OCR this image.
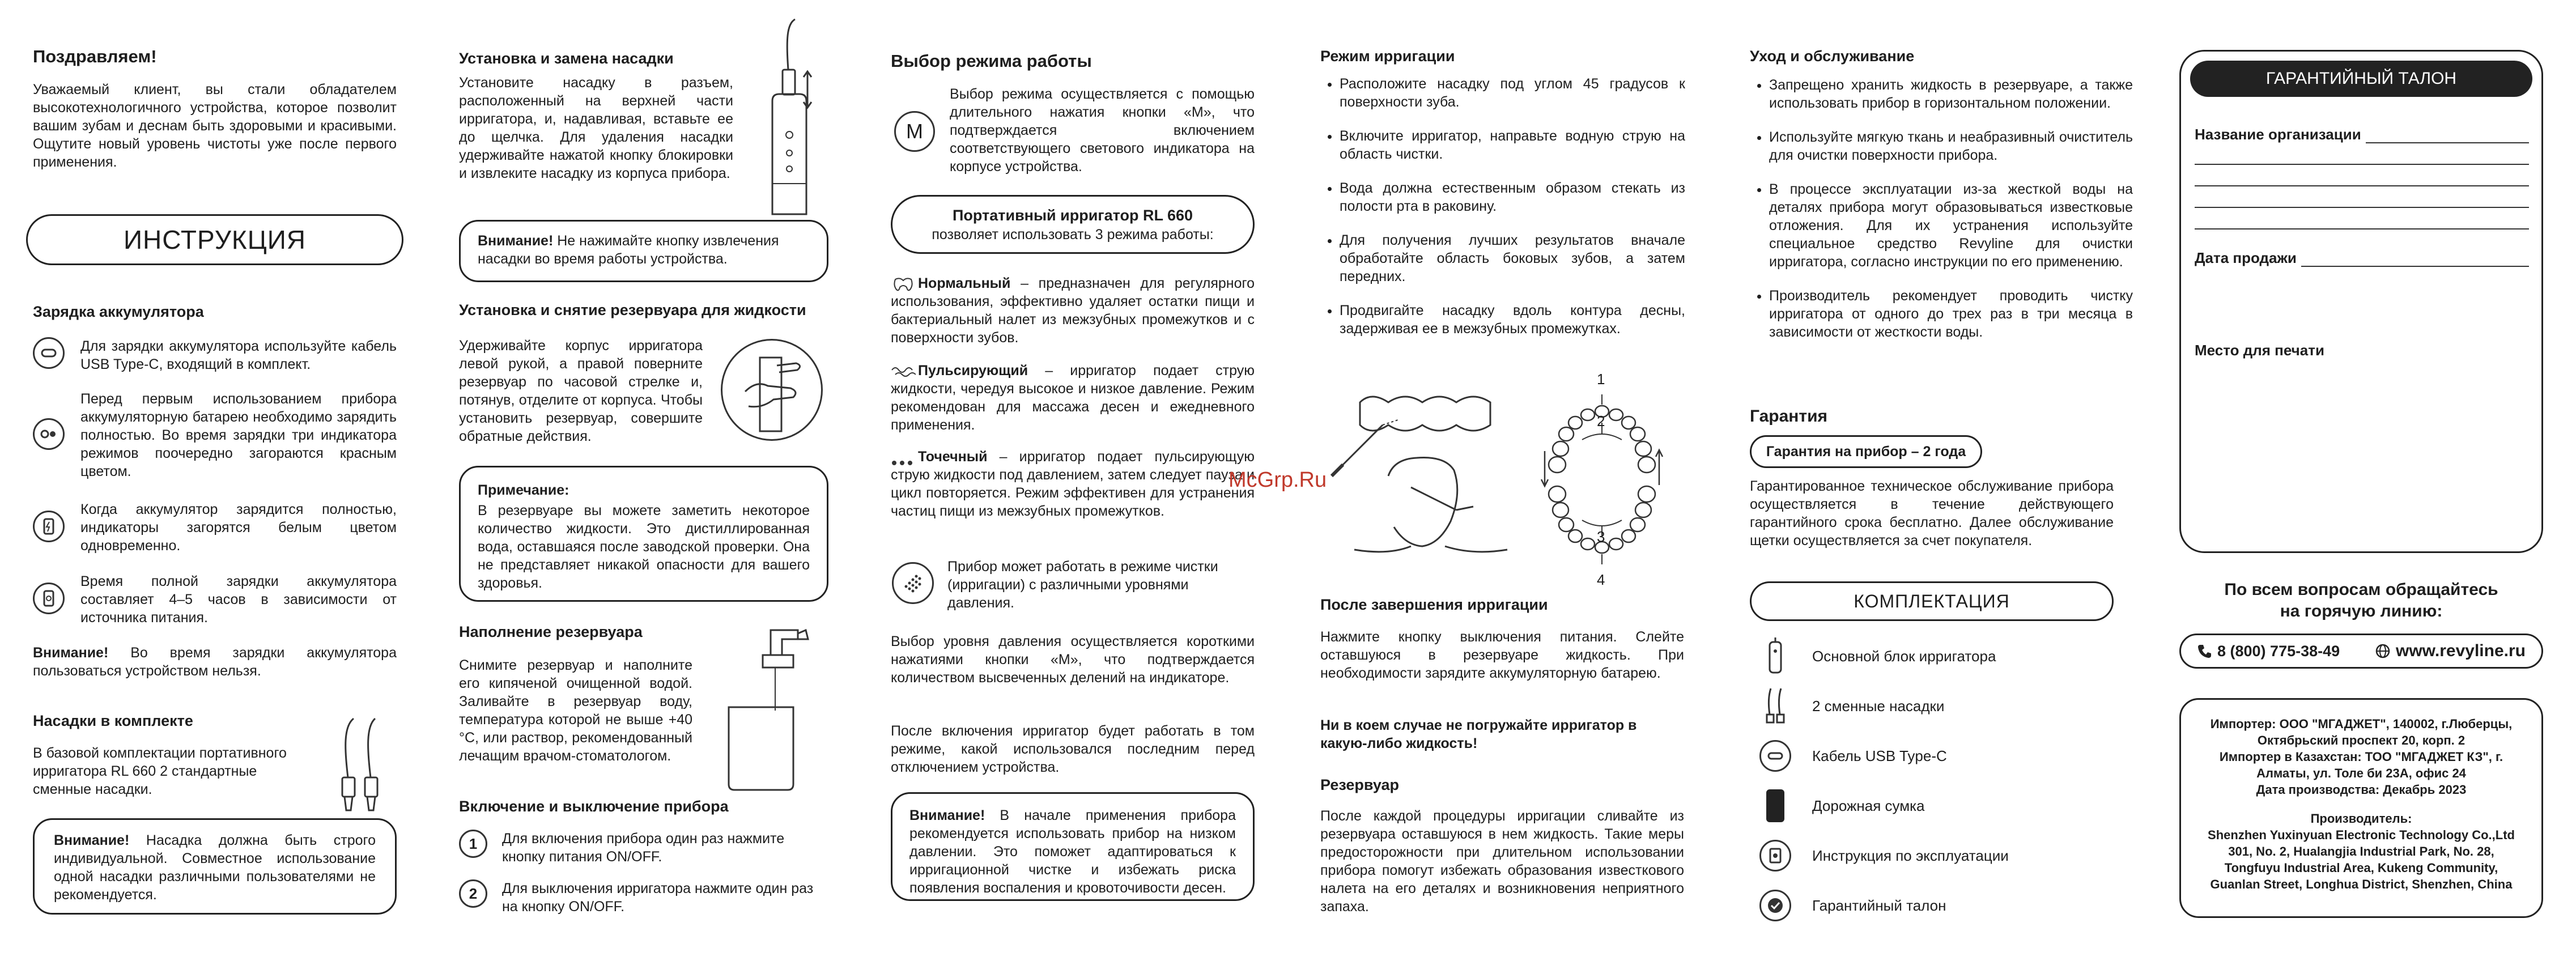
Поздравляем!

Уважаемый клиент, вы стали обладателем высокотехнологичного устройства, которое позволит вашим зубам и деснам быть здоровыми и красивыми. Ощутите новый уровень чистоты уже после первого применения.

ИНСТРУКЦИЯ
Зарядка аккумулятора

Для зарядки аккумулятора используйте кабель USB Type-C, входящий в комплект.

Перед первым использованием прибора аккумуляторную батарею необходимо зарядить полностью. Во время зарядки три индикатора режимов поочередно загораются красным цветом.

Когда аккумулятор зарядится полностью, индикаторы загорятся белым цветом одновременно.

Время полной зарядки аккумулятора составляет 4–5 часов в зависимости от источника питания.

Внимание! Во время зарядки аккумулятора пользоваться устройством нельзя.

Насадки в комплекте

В базовой комплектации портативного ирригатора RL 660 2 стандартные сменные насадки.

Внимание! Насадка должна быть строго индивидуальной. Совместное использование одной насадки различными пользователями не рекомендуется.

Установка и замена насадки

Установите насадку в разъем, расположенный на верхней части ирригатора, и, надавливая, вставьте ее до щелчка. Для удаления насадки удерживайте нажатой кнопку блокировки и извлеките насадку из корпуса прибора.

Внимание! Не нажимайте кнопку извлечения насадки во время работы устройства.

Установка и снятие резервуара для жидкости

Удерживайте корпус ирригатора левой рукой, а правой поверните резервуар по часовой стрелке и, потянув, отделите от корпуса. Чтобы установить резервуар, совершите обратные действия.

Примечание:

В резервуаре вы можете заметить некоторое количество жидкости. Это дистиллированная вода, оставшаяся после заводской проверки. Она не представляет никакой опасности для вашего здоровья.

Наполнение резервуара

Снимите резервуар и наполните его кипяченой очищенной водой. Заливайте в резервуар воду, температура которой не выше +40 °С, или раствор, рекомендованный лечащим врачом-стоматологом.

Включение и выключение прибора
1	Для включения прибора один раз нажмите кнопку питания ON/OFF.

2	Для выключения ирригатора нажмите один раз на кнопку ON/OFF.

Выбор режима работы
M

Выбор режима осуществляется с помощью длительного нажатия кнопки «М», что подтверждается включением соответствующего светового индикатора на корпусе устройства.

Портативный ирригатор RL 660
позволяет использовать 3 режима работы:

Нормальный – предназначен для регулярного использования, эффективно удаляет остатки пищи и бактериальный налет из межзубных промежутков и с поверхности зубов.

Пульсирующий – ирригатор подает струю жидкости, чередуя высокое и низкое давление. Режим рекомендован для массажа десен и ежедневного применения.

Точечный – ирригатор подает пульсирующую струю жидкости под давлением, затем следует пауза и цикл повторяется. Режим эффективен для устранения частиц пищи из межзубных промежутков.

Прибор может работать в режиме чистки (ирригации) с различными уровнями давления.

Выбор уровня давления осуществляется короткими нажатиями кнопки «М», что подтверждается количеством высвеченных делений на индикаторе.

После включения ирригатор будет работать в том режиме, какой использовался последним перед отключением устройства.

Внимание! В начале применения прибора рекомендуется использовать прибор на низком давлении. Это поможет адаптироваться к ирригационной чистке и избежать риска появления воспаления и кровоточивости десен.

McGrp.Ru
Режим ирригации
• Расположите насадку под углом 45 градусов к поверхности зуба.
• Включите ирригатор, направьте водную струю на область чистки.
• Вода должна естественным образом стекать из полости рта в раковину.
• Для получения лучших результатов вначале обработайте область боковых зубов, а затем передних.
• Продвигайте насадку вдоль контура десны, задерживая ее в межзубных промежутках.
1
2
3
4
После завершения ирригации

Нажмите кнопку выключения питания. Слейте оставшуюся в резервуаре жидкость. При необходимости зарядите аккумуляторную батарею.

Ни в коем случае не погружайте ирригатор в какую-либо жидкость!

Резервуар

После каждой процедуры ирригации сливайте из резервуара оставшуюся в нем жидкость. Такие меры предосторожности при длительном использовании прибора помогут избежать образования известкового налета на его деталях и возникновения неприятного запаха.

Уход и обслуживание
• Запрещено хранить жидкость в резервуаре, а также использовать прибор в горизонтальном положении.
• Используйте мягкую ткань и неабразивный очиститель для очистки поверхности прибора.
• В процессе эксплуатации из-за жесткой воды на деталях прибора могут образовываться известковые отложения. Для их устранения используйте специальное средство Revyline для очистки ирригатора, согласно инструкции по его применению.
• Производитель рекомендует проводить чистку ирригатора от одного до трех раз в три месяца в зависимости от жесткости воды.
Гарантия
Гарантия на прибор – 2 года

Гарантированное техническое обслуживание прибора осуществляется в течение действующего гарантийного срока бесплатно. Далее обслуживание щетки осуществляется за счет покупателя.

КОМПЛЕКТАЦИЯ
Основной блок ирригатора
2 сменные насадки
Кабель USB Type-C
Дорожная сумка
Инструкция по эксплуатации
Гарантийный талон
ГАРАНТИЙНЫЙ ТАЛОН
Название организации
Дата продажи
Место для печати
По всем вопросам обращайтесь на горячую линию:
8 (800) 775-38-49	www.revyline.ru
Импортер: ООО "МГАДЖЕТ", 140002, г.Люберцы,
Октябрьский проспект 20, корп. 2
Импортер в Казахстан: ТОО "МГАДЖЕТ КЗ", г.
Алматы, ул. Толе би 23А, офис 24
Дата производства: Декабрь 2023
Производитель:
Shenzhen Yuxinyuan Electronic Technology Co.,Ltd
301, No. 2, Hualangjia Industrial Park, No. 28,
Tongfuyu Industrial Area, Kukeng Community,
Guanlan Street, Longhua District, Shenzhen, China
